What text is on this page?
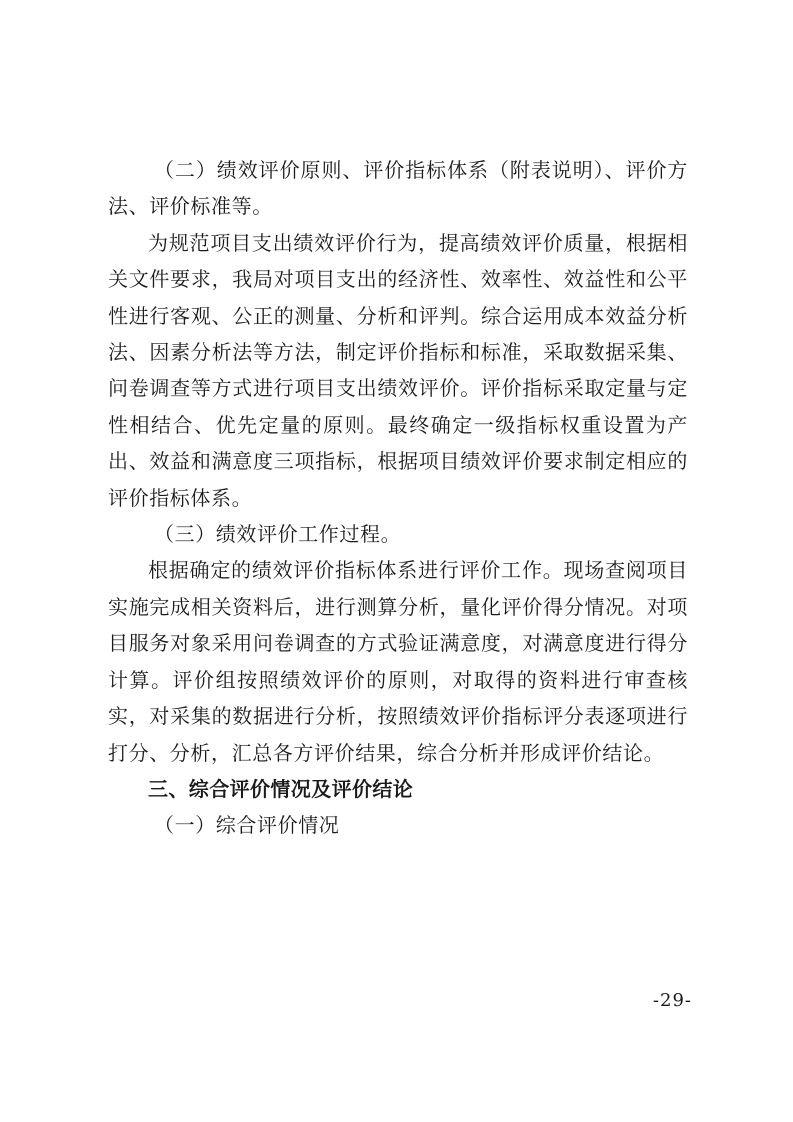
（二）绩效评价原则、评价指标体系（附表说明）、评价方法、评价标准等。

为规范项目支出绩效评价行为，提高绩效评价质量，根据相关文件要求，我局对项目支出的经济性、效率性、效益性和公平性进行客观、公正的测量、分析和评判。综合运用成本效益分析法、因素分析法等方法，制定评价指标和标准，采取数据采集、问卷调查等方式进行项目支出绩效评价。评价指标采取定量与定性相结合、优先定量的原则。最终确定一级指标权重设置为产出、效益和满意度三项指标，根据项目绩效评价要求制定相应的评价指标体系。

（三）绩效评价工作过程。

根据确定的绩效评价指标体系进行评价工作。现场查阅项目实施完成相关资料后，进行测算分析，量化评价得分情况。对项目服务对象采用问卷调查的方式验证满意度，对满意度进行得分计算。评价组按照绩效评价的原则，对取得的资料进行审查核实，对采集的数据进行分析，按照绩效评价指标评分表逐项进行打分、分析，汇总各方评价结果，综合分析并形成评价结论。

三、综合评价情况及评价结论

（一）综合评价情况

-29-
